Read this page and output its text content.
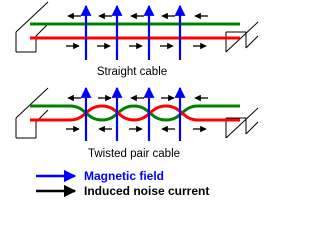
Straight cable
Twisted pair cable
Magnetic field
Induced noise current
